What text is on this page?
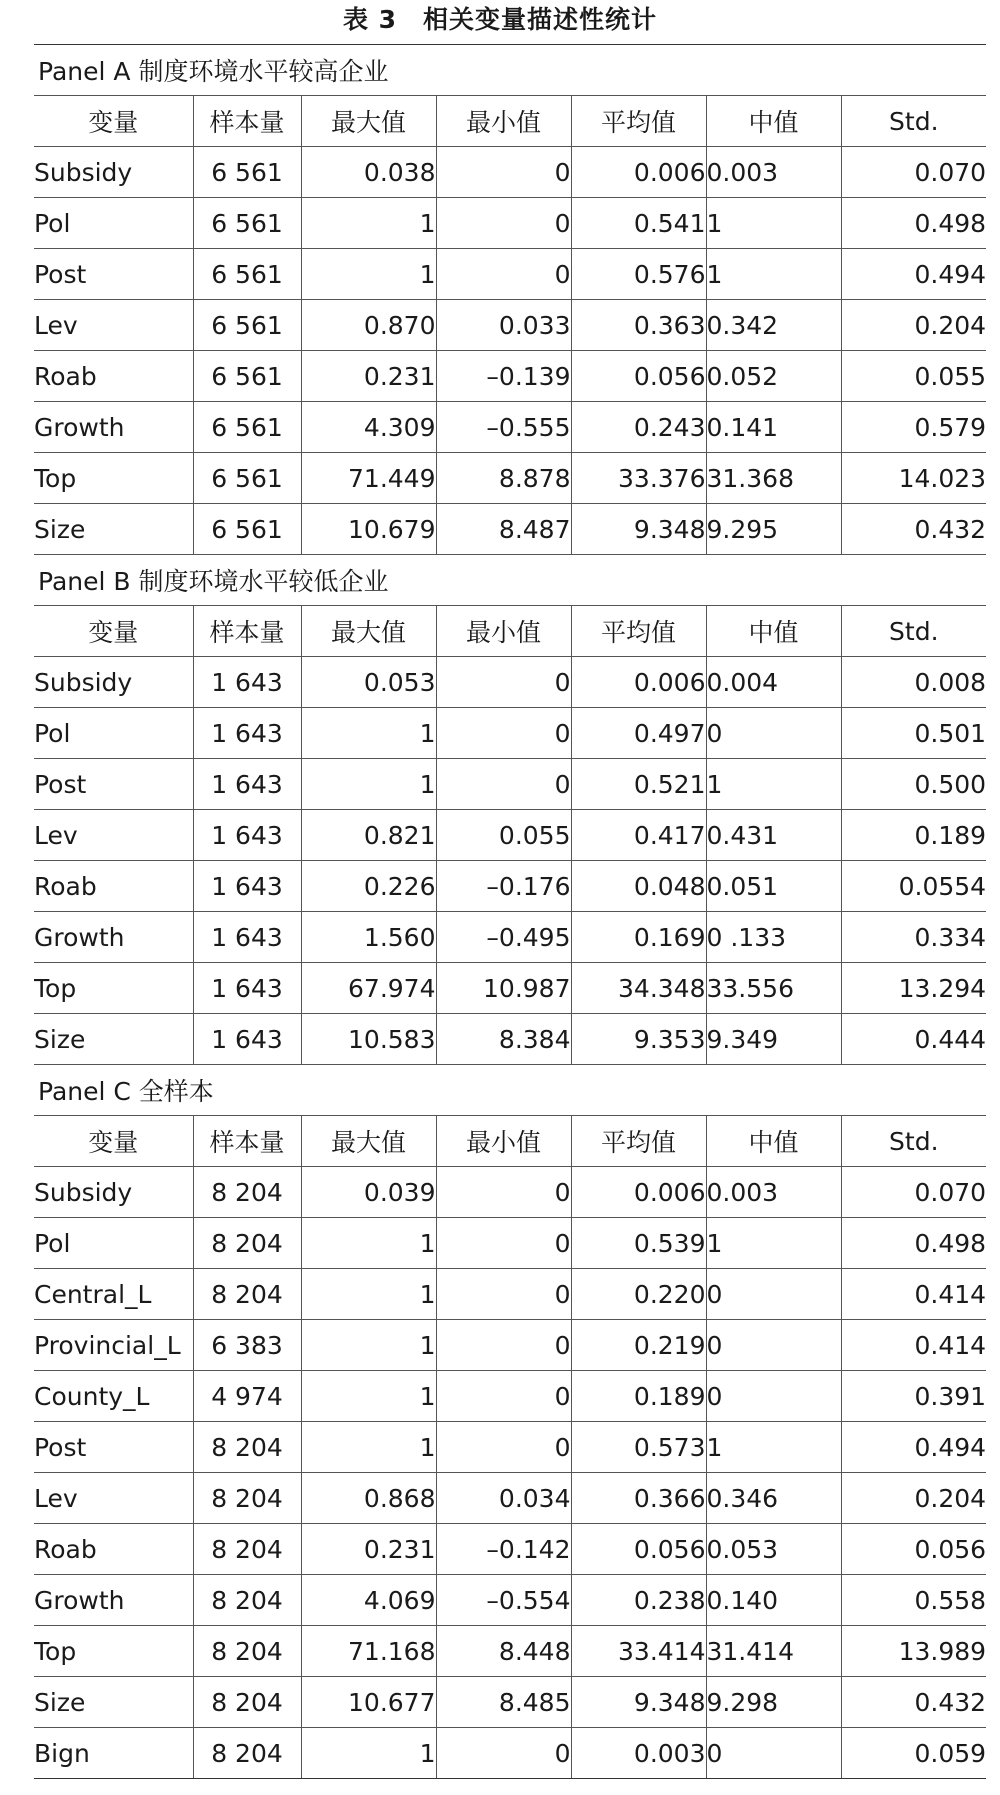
表 3　相关变量描述性统计
Panel A 制度环境水平较高企业						
变量	样本量	最大值	最小值	平均值	中值	Std.
Subsidy	6 561	0.038	0	0.006	0.003	0.070
Pol	6 561	1	0	0.541	1	0.498
Post	6 561	1	0	0.576	1	0.494
Lev	6 561	0.870	0.033	0.363	0.342	0.204
Roab	6 561	0.231	–0.139	0.056	0.052	0.055
Growth	6 561	4.309	–0.555	0.243	0.141	0.579
Top	6 561	71.449	8.878	33.376	31.368	14.023
Size	6 561	10.679	8.487	9.348	9.295	0.432
Panel B 制度环境水平较低企业						
变量	样本量	最大值	最小值	平均值	中值	Std.
Subsidy	1 643	0.053	0	0.006	0.004	0.008
Pol	1 643	1	0	0.497	0	0.501
Post	1 643	1	0	0.521	1	0.500
Lev	1 643	0.821	0.055	0.417	0.431	0.189
Roab	1 643	0.226	–0.176	0.048	0.051	0.0554
Growth	1 643	1.560	–0.495	0.169	0 .133	0.334
Top	1 643	67.974	10.987	34.348	33.556	13.294
Size	1 643	10.583	8.384	9.353	9.349	0.444
Panel C 全样本						
变量	样本量	最大值	最小值	平均值	中值	Std.
Subsidy	8 204	0.039	0	0.006	0.003	0.070
Pol	8 204	1	0	0.539	1	0.498
Central_L	8 204	1	0	0.220	0	0.414
Provincial_L	6 383	1	0	0.219	0	0.414
County_L	4 974	1	0	0.189	0	0.391
Post	8 204	1	0	0.573	1	0.494
Lev	8 204	0.868	0.034	0.366	0.346	0.204
Roab	8 204	0.231	–0.142	0.056	0.053	0.056
Growth	8 204	4.069	–0.554	0.238	0.140	0.558
Top	8 204	71.168	8.448	33.414	31.414	13.989
Size	8 204	10.677	8.485	9.348	9.298	0.432
Bign	8 204	1	0	0.003	0	0.059
